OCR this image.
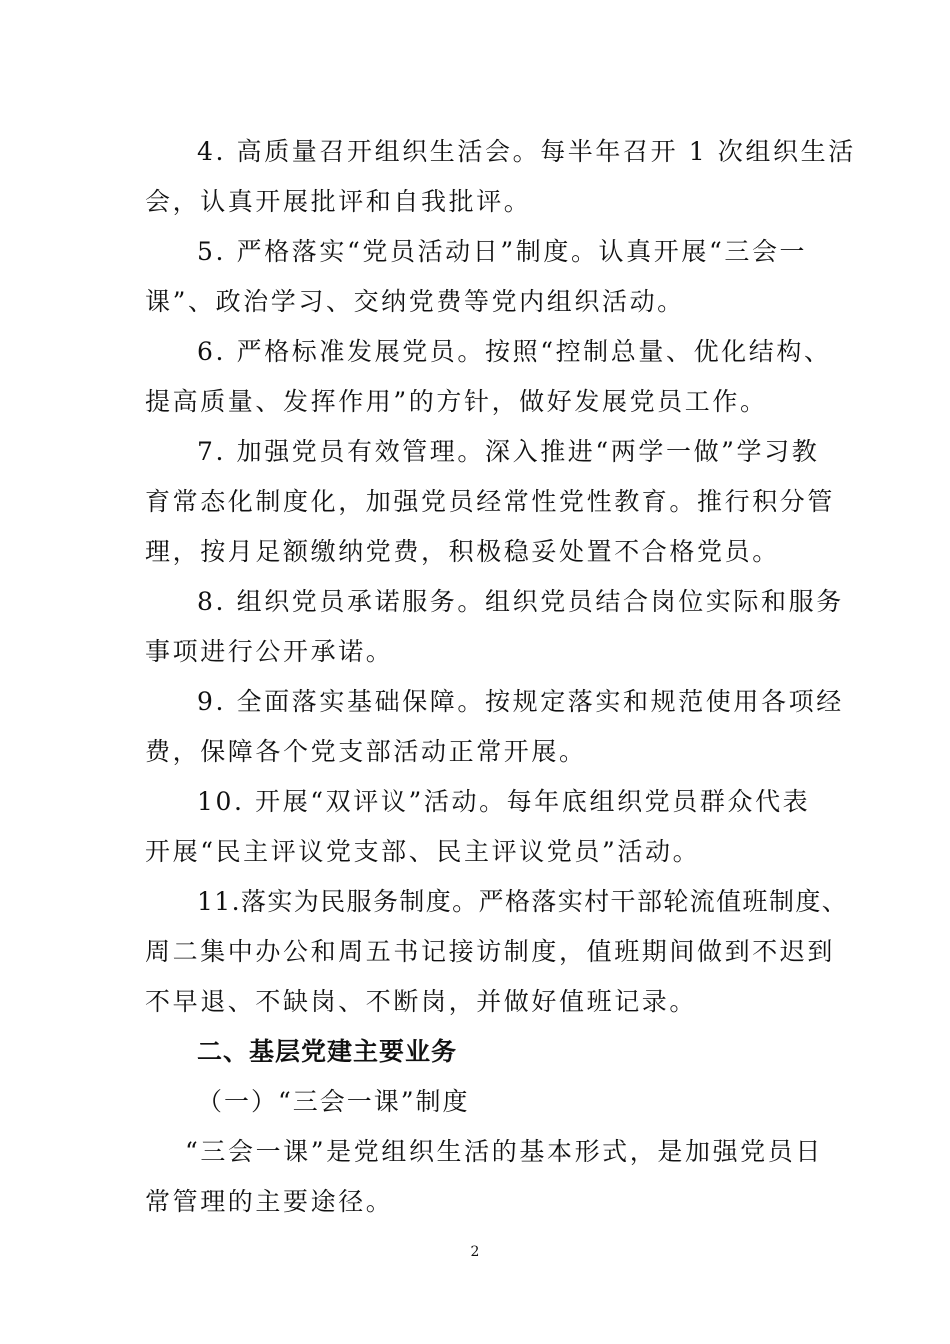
4. 高质量召开组织生活会。每半年召开 1 次组织生活
会，认真开展批评和自我批评。
5. 严格落实“党员活动日”制度。认真开展“三会一
课”、政治学习、交纳党费等党内组织活动。
6. 严格标准发展党员。按照“控制总量、优化结构、
提高质量、发挥作用”的方针，做好发展党员工作。
7. 加强党员有效管理。深入推进“两学一做”学习教
育常态化制度化，加强党员经常性党性教育。推行积分管
理，按月足额缴纳党费，积极稳妥处置不合格党员。
8. 组织党员承诺服务。组织党员结合岗位实际和服务
事项进行公开承诺。
9. 全面落实基础保障。按规定落实和规范使用各项经
费，保障各个党支部活动正常开展。
10. 开展“双评议”活动。每年底组织党员群众代表
开展“民主评议党支部、民主评议党员”活动。
11.落实为民服务制度。严格落实村干部轮流值班制度、
周二集中办公和周五书记接访制度，值班期间做到不迟到
不早退、不缺岗、不断岗，并做好值班记录。
二、基层党建主要业务
（一）“三会一课”制度
“三会一课”是党组织生活的基本形式，是加强党员日
常管理的主要途径。
2
